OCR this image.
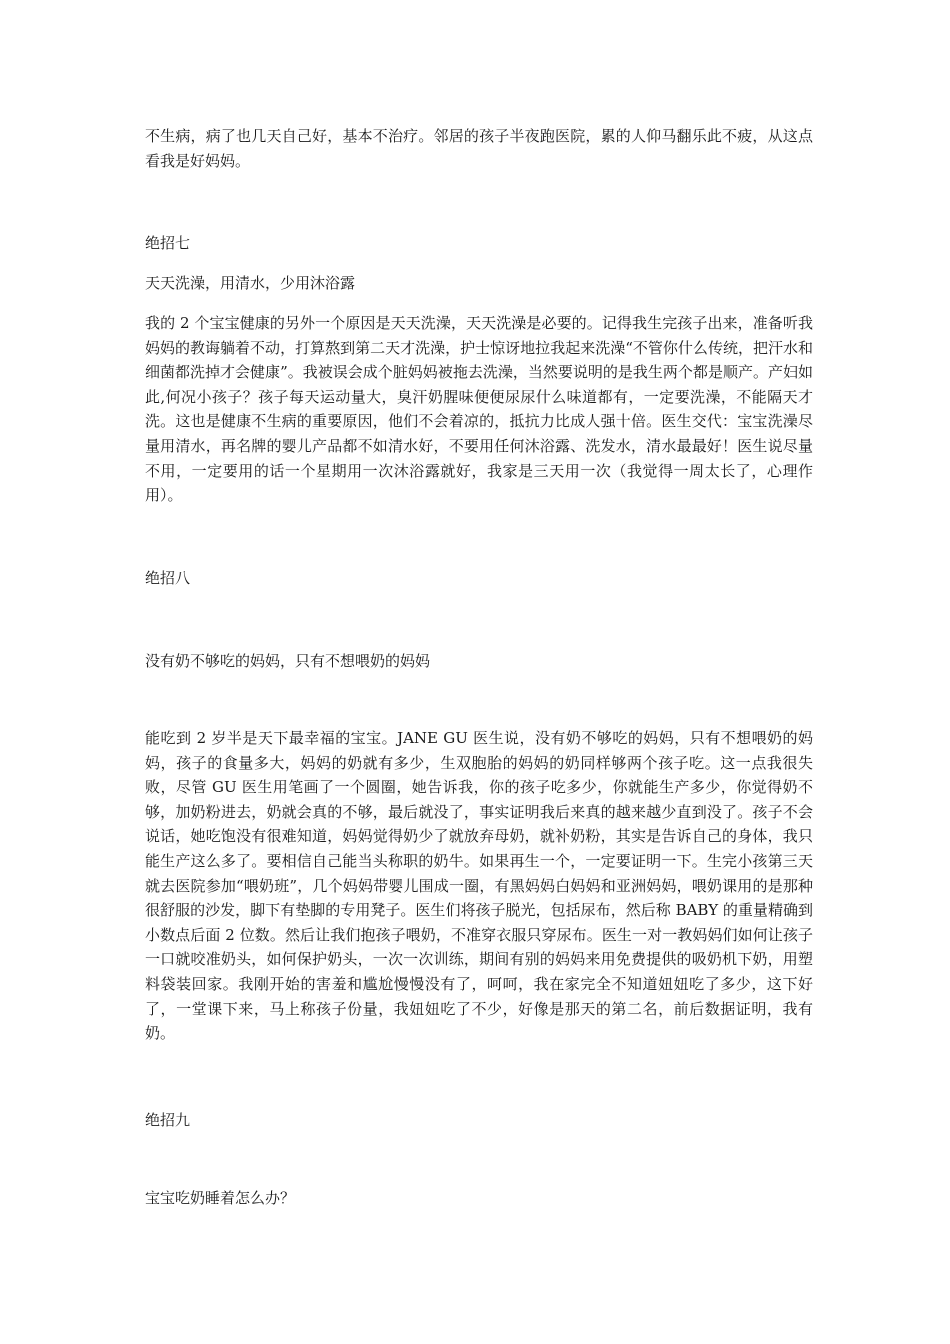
不生病，病了也几天自己好，基本不治疗。邻居的孩子半夜跑医院，累的人仰马翻乐此不疲，从这点看我是好妈妈。

绝招七

天天洗澡，用清水，少用沐浴露

我的 2 个宝宝健康的另外一个原因是天天洗澡，天天洗澡是必要的。记得我生完孩子出来，准备听我妈妈的教诲躺着不动，打算熬到第二天才洗澡，护士惊讶地拉我起来洗澡“不管你什么传统，把汗水和细菌都洗掉才会健康”。我被误会成个脏妈妈被拖去洗澡，当然要说明的是我生两个都是顺产。产妇如此,何况小孩子？孩子每天运动量大，臭汗奶腥味便便尿尿什么味道都有，一定要洗澡，不能隔天才洗。这也是健康不生病的重要原因，他们不会着凉的，抵抗力比成人强十倍。医生交代：宝宝洗澡尽量用清水，再名牌的婴儿产品都不如清水好，不要用任何沐浴露、洗发水，清水最最好！医生说尽量不用，一定要用的话一个星期用一次沐浴露就好，我家是三天用一次（我觉得一周太长了，心理作用）。

绝招八

没有奶不够吃的妈妈，只有不想喂奶的妈妈

能吃到 2 岁半是天下最幸福的宝宝。JANE GU 医生说，没有奶不够吃的妈妈，只有不想喂奶的妈妈，孩子的食量多大，妈妈的奶就有多少，生双胞胎的妈妈的奶同样够两个孩子吃。这一点我很失败，尽管 GU 医生用笔画了一个圆圈，她告诉我，你的孩子吃多少，你就能生产多少，你觉得奶不够，加奶粉进去，奶就会真的不够，最后就没了，事实证明我后来真的越来越少直到没了。孩子不会说话，她吃饱没有很难知道，妈妈觉得奶少了就放弃母奶，就补奶粉，其实是告诉自己的身体，我只能生产这么多了。要相信自己能当头称职的奶牛。如果再生一个，一定要证明一下。生完小孩第三天就去医院参加“喂奶班”，几个妈妈带婴儿围成一圈，有黑妈妈白妈妈和亚洲妈妈，喂奶课用的是那种很舒服的沙发，脚下有垫脚的专用凳子。医生们将孩子脱光，包括尿布，然后称 BABY 的重量精确到小数点后面 2 位数。然后让我们抱孩子喂奶，不准穿衣服只穿尿布。医生一对一教妈妈们如何让孩子一口就咬准奶头，如何保护奶头，一次一次训练，期间有别的妈妈来用免费提供的吸奶机下奶，用塑料袋装回家。我刚开始的害羞和尴尬慢慢没有了，呵呵，我在家完全不知道妞妞吃了多少，这下好了，一堂课下来，马上称孩子份量，我妞妞吃了不少，好像是那天的第二名，前后数据证明，我有奶。

绝招九

宝宝吃奶睡着怎么办？
